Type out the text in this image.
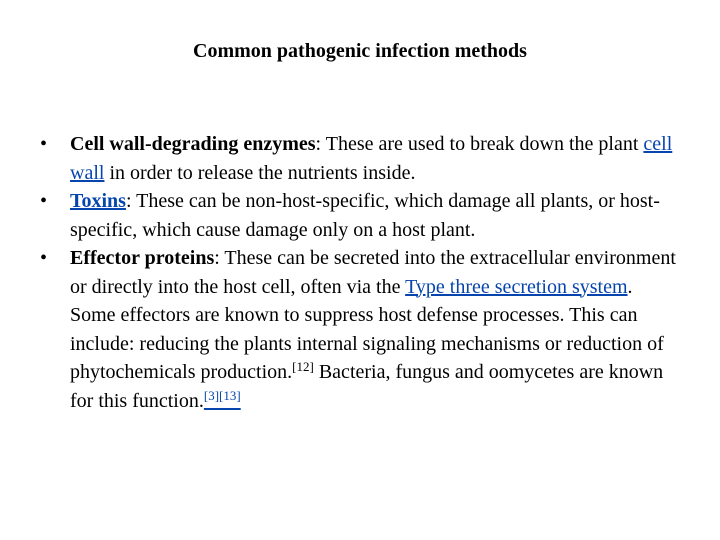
Common pathogenic infection methods
•	Cell wall-degrading enzymes: These are used to break down the plant cell wall in order to release the nutrients inside.
•	Toxins: These can be non-host-specific, which damage all plants, or host-specific, which cause damage only on a host plant.
•	Effector proteins: These can be secreted into the extracellular environment or directly into the host cell, often via the Type three secretion system. Some effectors are known to suppress host defense processes. This can include: reducing the plants internal signaling mechanisms or reduction of phytochemicals production.[12] Bacteria, fungus and oomycetes are known for this function.[3][13]
